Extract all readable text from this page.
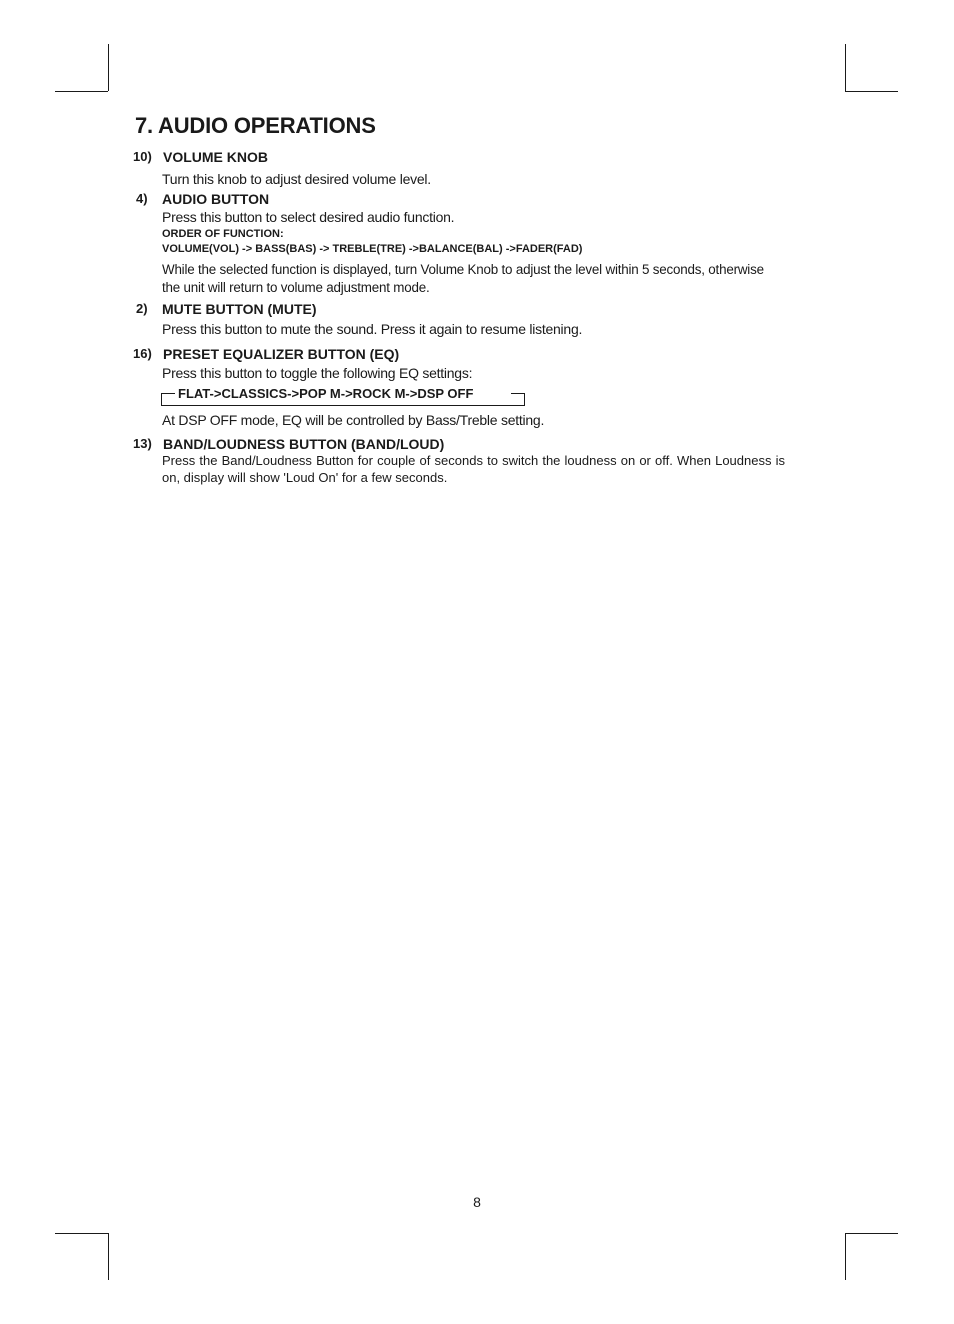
7. AUDIO OPERATIONS
10) VOLUME KNOB
Turn this knob to adjust desired volume level.
4) AUDIO BUTTON
Press this button to select desired audio function.
ORDER OF FUNCTION:
VOLUME(VOL) -> BASS(BAS) -> TREBLE(TRE) ->BALANCE(BAL) ->FADER(FAD)
While the selected function is displayed, turn Volume Knob to adjust the level within 5 seconds, otherwise the unit will return to volume adjustment mode.
2) MUTE BUTTON (MUTE)
Press this button to mute the sound. Press it again to resume listening.
16) PRESET EQUALIZER BUTTON (EQ)
Press this button to toggle the following EQ settings:
FLAT->CLASSICS->POP M->ROCK M->DSP OFF
At DSP OFF mode, EQ will be controlled by Bass/Treble setting.
13) BAND/LOUDNESS BUTTON (BAND/LOUD)
Press the Band/Loudness Button for couple of seconds to switch the loudness on or off. When Loudness is on, display will show 'Loud On' for a few seconds.
8
